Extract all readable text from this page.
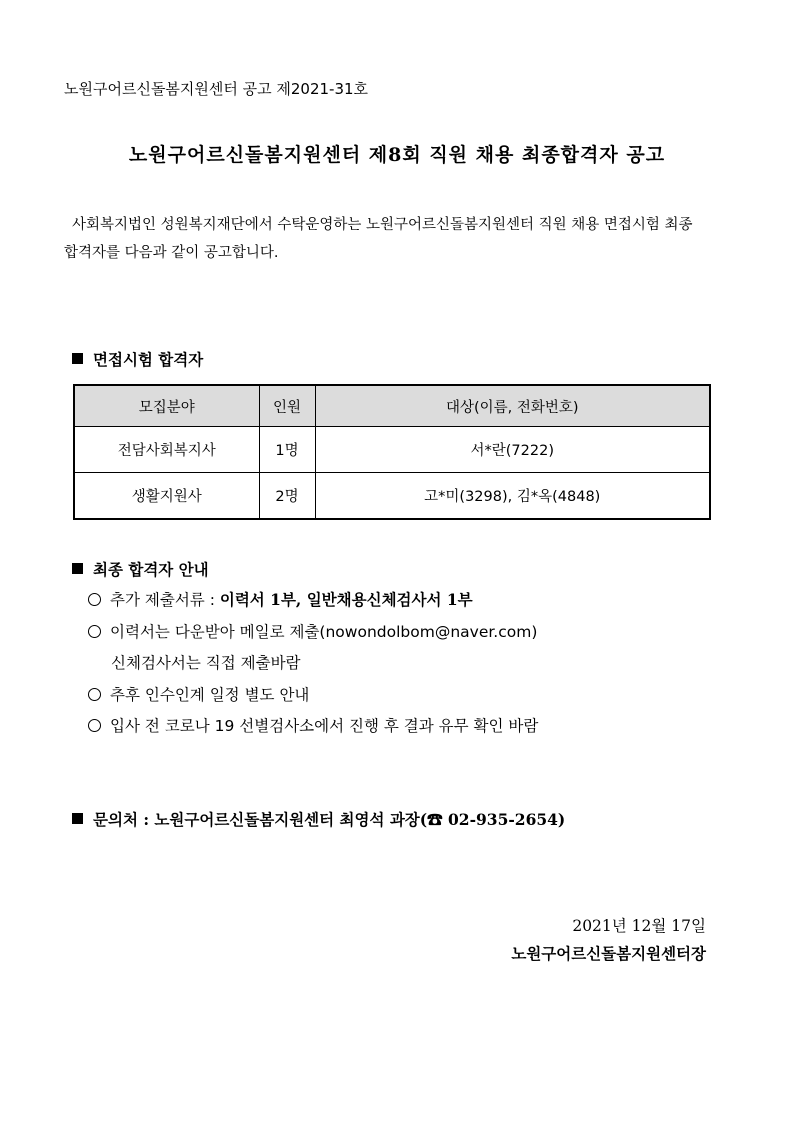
노원구어르신돌봄지원센터 공고 제2021-31호
노원구어르신돌봄지원센터 제8회 직원 채용 최종합격자 공고
사회복지법인 성원복지재단에서 수탁운영하는 노원구어르신돌봄지원센터 직원 채용 면접시험 최종
합격자를 다음과 같이 공고합니다.
면접시험 합격자
모집분야	인원	대상(이름, 전화번호)
전담사회복지사	1명	서*란(7222)
생활지원사	2명	고*미(3298), 김*옥(4848)
최종 합격자 안내
추가 제출서류 : 이력서 1부, 일반채용신체검사서 1부
이력서는 다운받아 메일로 제출(nowondolbom@naver.com)
신체검사서는 직접 제출바람
추후 인수인계 일정 별도 안내
입사 전 코로나 19 선별검사소에서 진행 후 결과 유무 확인 바람
문의처 : 노원구어르신돌봄지원센터 최영석 과장(☎ 02-935-2654)
2021년 12월 17일
노원구어르신돌봄지원센터장
